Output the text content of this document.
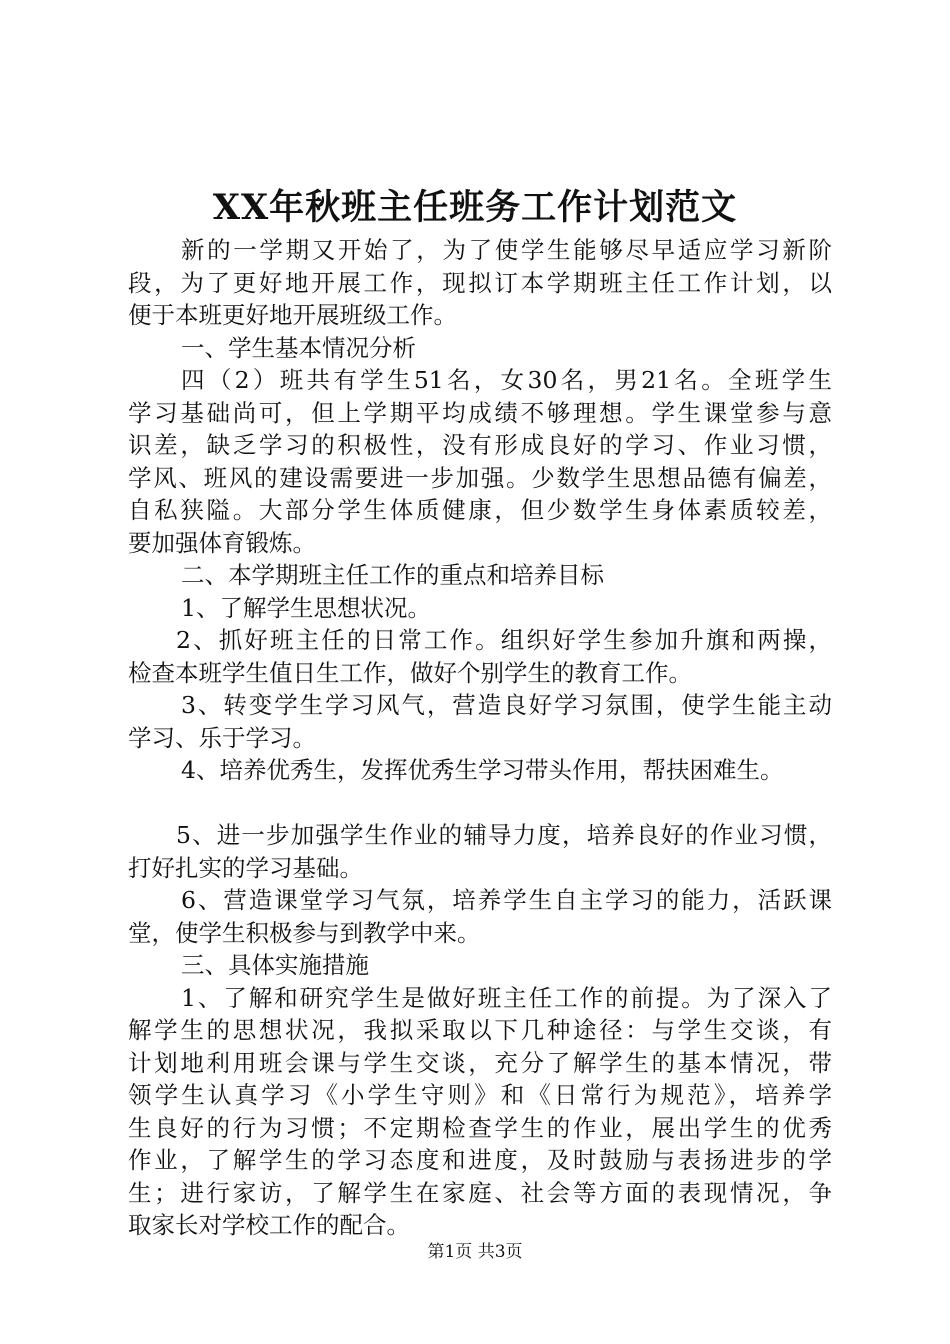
XX年秋班主任班务工作计划范文
新的一学期又开始了，为了使学生能够尽早适应学习新阶
段，为了更好地开展工作，现拟订本学期班主任工作计划，以
便于本班更好地开展班级工作。
一、学生基本情况分析
四（2）班共有学生51名，女30名，男21名。全班学生
学习基础尚可，但上学期平均成绩不够理想。学生课堂参与意
识差，缺乏学习的积极性，没有形成良好的学习、作业习惯，
学风、班风的建设需要进一步加强。少数学生思想品德有偏差，
自私狭隘。大部分学生体质健康，但少数学生身体素质较差，
要加强体育锻炼。
二、本学期班主任工作的重点和培养目标
1、了解学生思想状况。
2、抓好班主任的日常工作。组织好学生参加升旗和两操，
检查本班学生值日生工作，做好个别学生的教育工作。
3、转变学生学习风气，营造良好学习氛围，使学生能主动
学习、乐于学习。
4、培养优秀生，发挥优秀生学习带头作用，帮扶困难生。
5、进一步加强学生作业的辅导力度，培养良好的作业习惯，
打好扎实的学习基础。
6、营造课堂学习气氛，培养学生自主学习的能力，活跃课
堂，使学生积极参与到教学中来。
三、具体实施措施
1、了解和研究学生是做好班主任工作的前提。为了深入了
解学生的思想状况，我拟采取以下几种途径：与学生交谈，有
计划地利用班会课与学生交谈，充分了解学生的基本情况，带
领学生认真学习《小学生守则》和《日常行为规范》，培养学
生良好的行为习惯；不定期检查学生的作业，展出学生的优秀
作业，了解学生的学习态度和进度，及时鼓励与表扬进步的学
生；进行家访，了解学生在家庭、社会等方面的表现情况，争
取家长对学校工作的配合。
第1页 共3页
